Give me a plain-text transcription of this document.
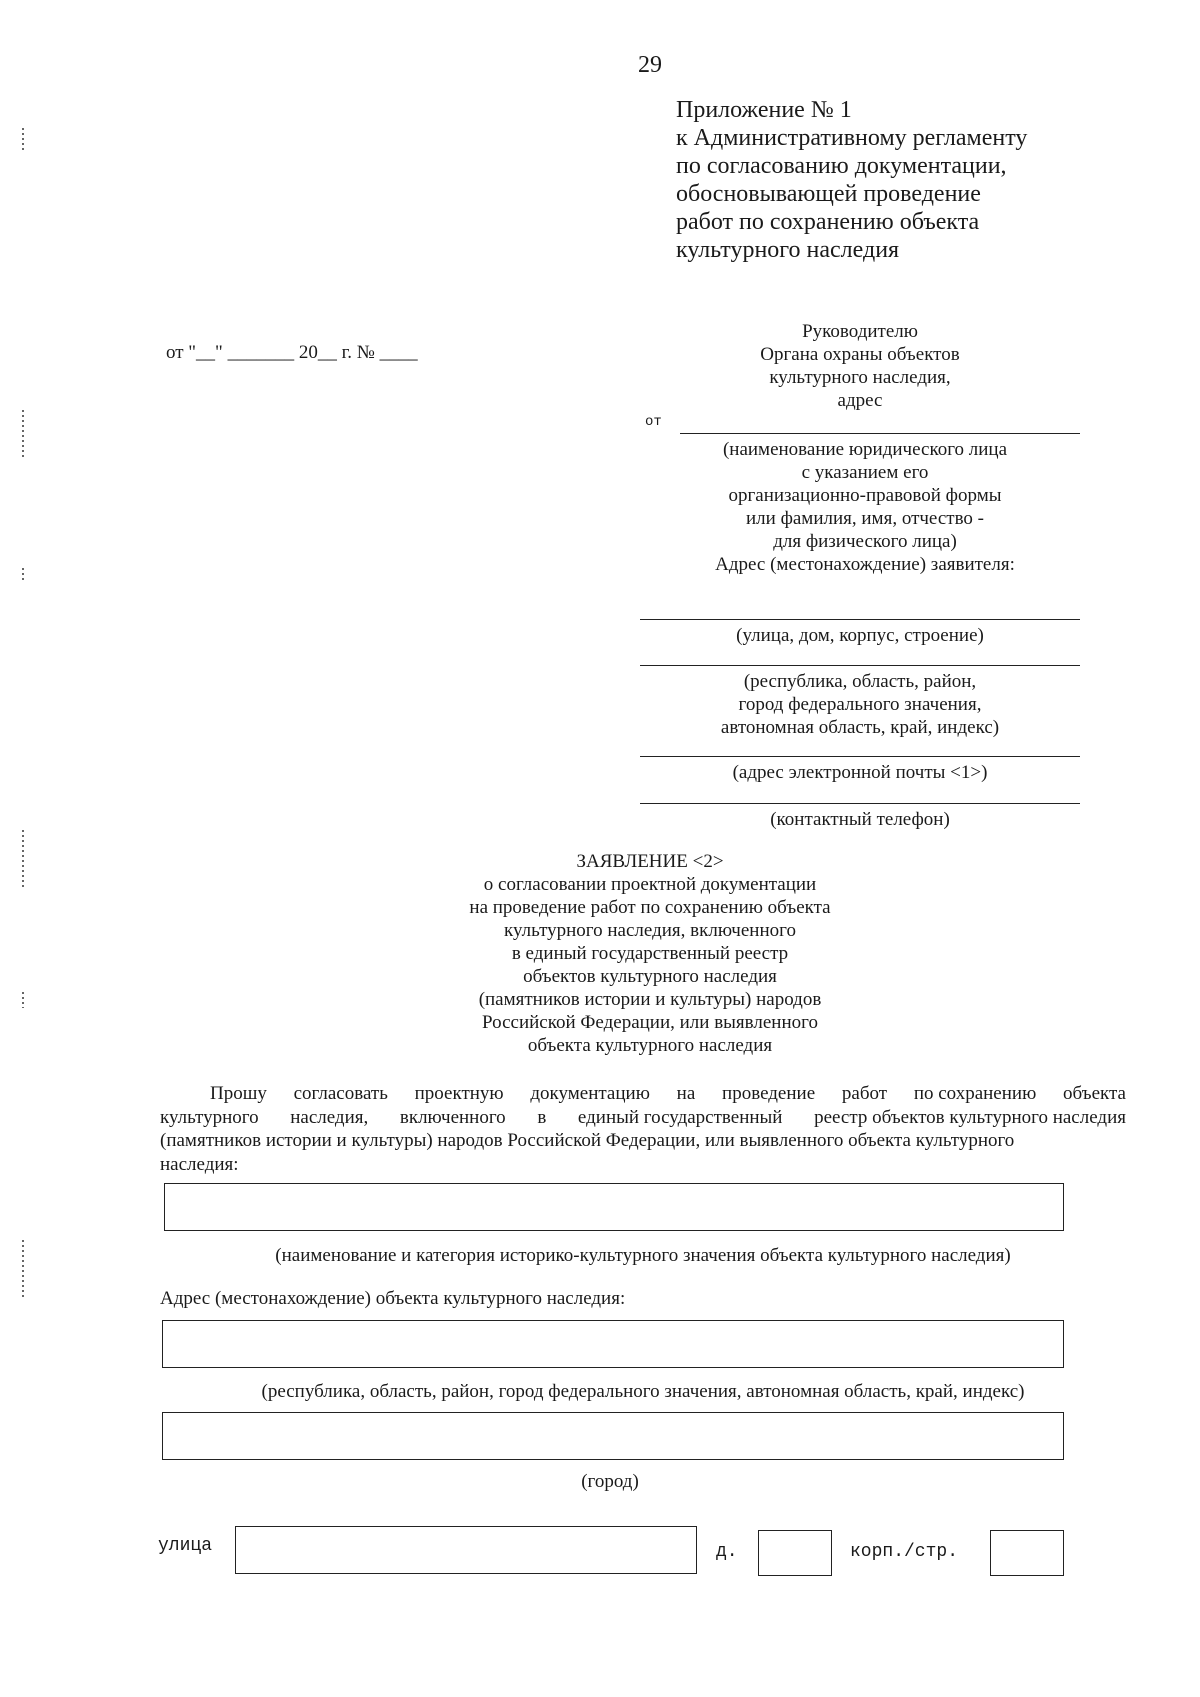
29
Приложение № 1
к Административному регламенту
по согласованию документации,
обосновывающей проведение
работ по сохранению объекта
культурного наследия
от "__" _______ 20__ г. № ____
Руководителю
Органа охраны объектов
культурного наследия,
адрес
от
(наименование юридического лица
с указанием его
организационно-правовой формы
или фамилия, имя, отчество -
для физического лица)
Адрес (местонахождение) заявителя:
(улица, дом, корпус, строение)
(республика, область, район,
город федерального значения,
автономная область, край, индекс)
(адрес электронной почты <1>)
(контактный телефон)
ЗАЯВЛЕНИЕ <2>
о согласовании проектной документации
на проведение работ по сохранению объекта
культурного наследия, включенного
в единый государственный реестр
объектов культурного наследия
(памятников истории и культуры) народов
Российской Федерации, или выявленного
объекта культурного наследия
Прошу согласовать проектную документацию на проведение работ по сохранению объекта
культурного наследия, включенного в единый государственный реестр объектов культурного наследия
(памятников истории и культуры) народов Российской Федерации, или выявленного объекта культурного
наследия:
(наименование и категория историко-культурного значения объекта культурного наследия)
Адрес (местонахождение) объекта культурного наследия:
(республика, область, район, город федерального значения, автономная область, край, индекс)
(город)
улица	д.	корп./стр.
